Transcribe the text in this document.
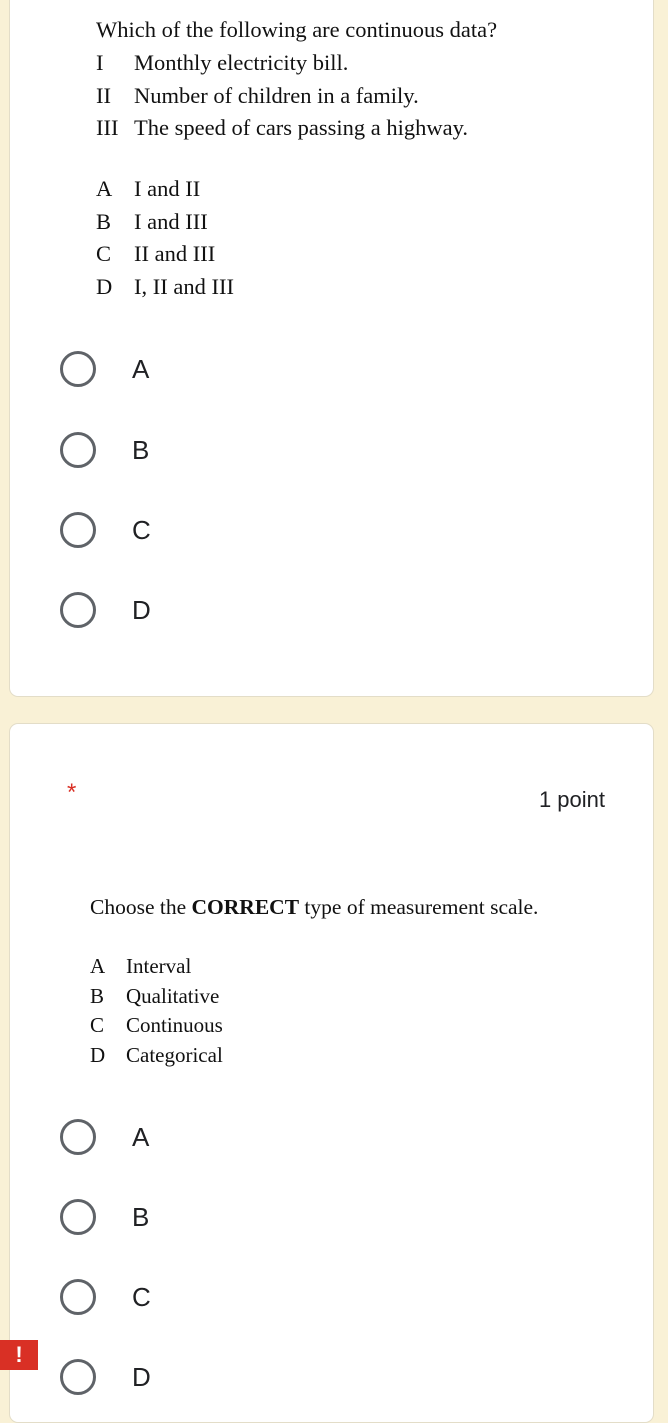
Which of the following are continuous data?
I Monthly electricity bill.
II Number of children in a family.
III The speed of cars passing a highway.
A I and II
B I and III
C II and III
D I, II and III
A
B
C
D
*	1 point
Choose the CORRECT type of measurement scale.
A Interval
B Qualitative
C Continuous
D Categorical
A
B
C
D
!
